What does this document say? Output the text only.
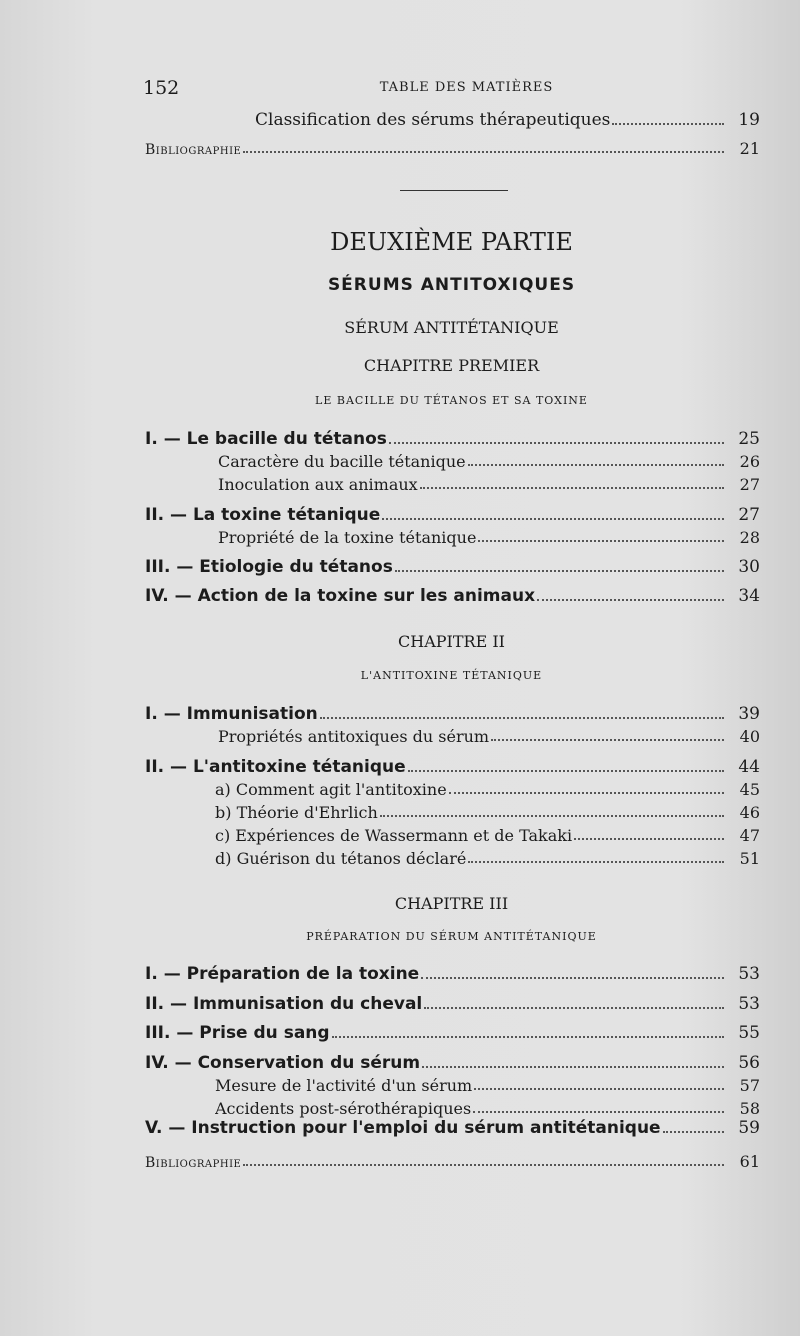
152	TABLE DES MATIÈRES
Classification des sérums thérapeutiques	19
Bibliographie	21
DEUXIÈME PARTIE
SÉRUMS ANTITOXIQUES
SÉRUM ANTITÉTANIQUE
CHAPITRE PREMIER
LE BACILLE DU TÉTANOS ET SA TOXINE
I. — Le bacille du tétanos	25
Caractère du bacille tétanique	26
Inoculation aux animaux	27
II. — La toxine tétanique	27
Propriété de la toxine tétanique	28
III. — Etiologie du tétanos	30
IV. — Action de la toxine sur les animaux	34
CHAPITRE II
L'ANTITOXINE TÉTANIQUE
I. — Immunisation	39
Propriétés antitoxiques du sérum	40
II. — L'antitoxine tétanique	44
a) Comment agit l'antitoxine	45
b) Théorie d'Ehrlich	46
c) Expériences de Wassermann et de Takaki	47
d) Guérison du tétanos déclaré	51
CHAPITRE III
PRÉPARATION DU SÉRUM ANTITÉTANIQUE
I. — Préparation de la toxine	53
II. — Immunisation du cheval	53
III. — Prise du sang	55
IV. — Conservation du sérum	56
Mesure de l'activité d'un sérum	57
Accidents post-sérothérapiques	58
V. — Instruction pour l'emploi du sérum antitétanique	59
Bibliographie	61
